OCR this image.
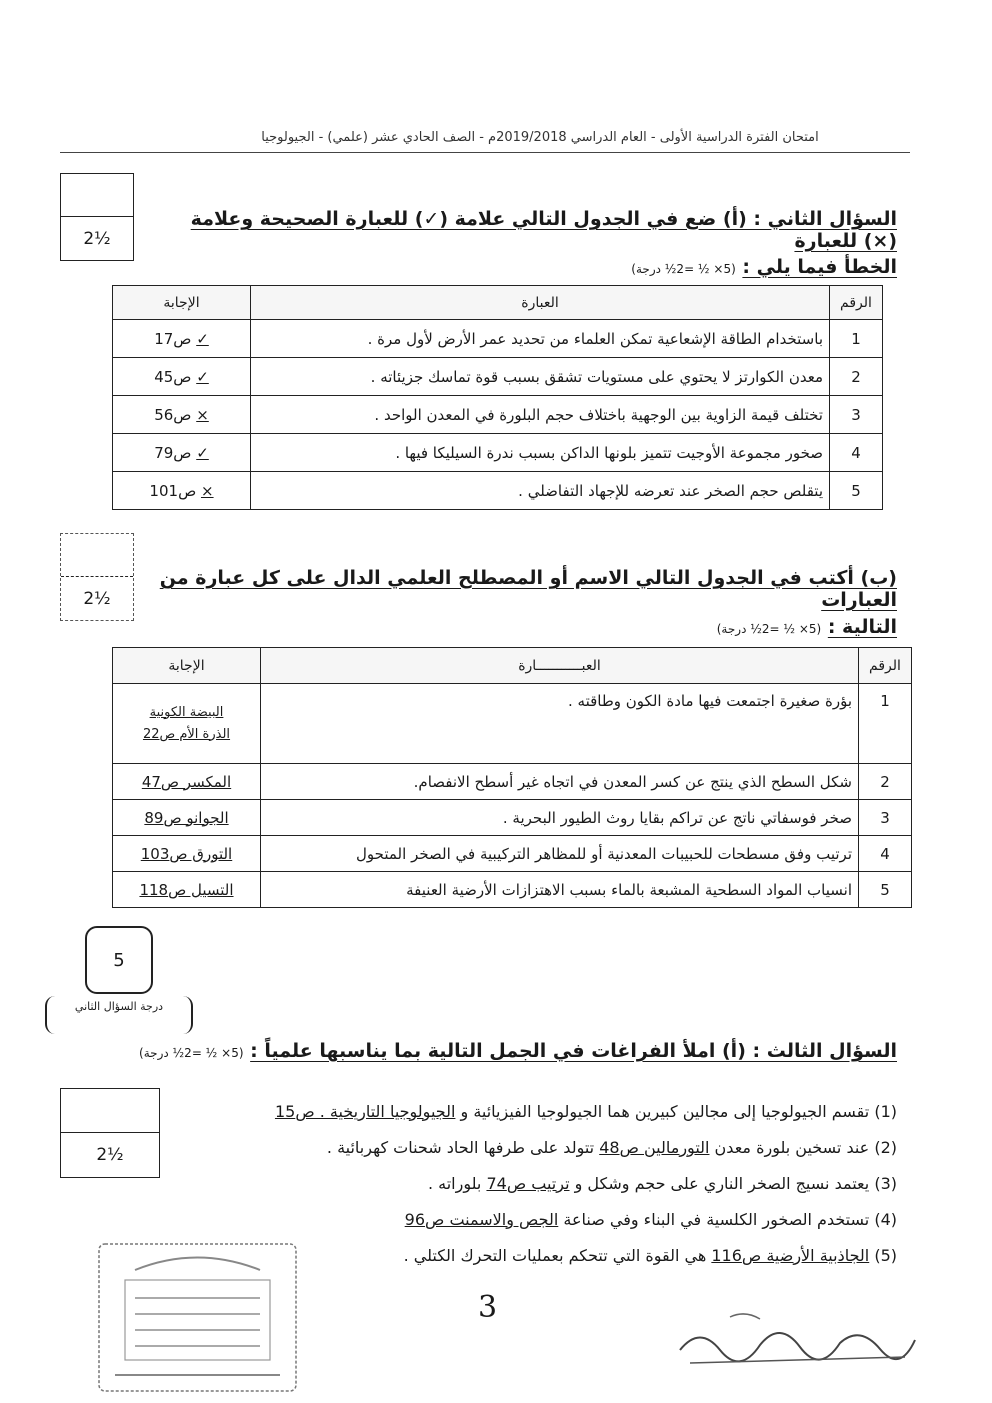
امتحان الفترة الدراسية الأولى - العام الدراسي 2019/2018م - الصف الحادي عشر (علمي) - الجيولوجيا
2½
السؤال الثاني : (أ) ضع في الجدول التالي علامة (✓) للعبارة الصحيحة وعلامة (×) للعبارة
الخطأ فيما يلي : (5× ½ =2½ درجة)
الرقم	العبارة	الإجابة
1	باستخدام الطاقة الإشعاعية تمكن العلماء من تحديد عمر الأرض لأول مرة .	✓ ص17
2	معدن الكوارتز لا يحتوي على مستويات تشقق بسبب قوة تماسك جزيئاته .	✓ ص45
3	تختلف قيمة الزاوية بين الوجهية باختلاف حجم البلورة في المعدن الواحد .	× ص56
4	صخور مجموعة الأوجيت تتميز بلونها الداكن بسبب ندرة السيليكا فيها .	✓ ص79
5	يتقلص حجم الصخر عند تعرضه للإجهاد التفاضلي .	× ص101
2½
(ب) أكتب في الجدول التالي الاسم أو المصطلح العلمي الدال على كل عبارة من العبارات
التالية : (5× ½ =2½ درجة)
الرقم	العبـــــــــــارة	الإجابة
1	بؤرة صغيرة اجتمعت فيها مادة الكون وطاقته .	البيضة الكونية
الذرة الأم ص22

2	شكل السطح الذي ينتج عن كسر المعدن في اتجاه غير أسطح الانفصام.	المكسر ص47
3	صخر فوسفاتي ناتج عن تراكم بقايا روث الطيور البحرية .	الجوانو ص89
4	ترتيب وفق مسطحات للحبيبات المعدنية أو للمظاهر التركيبية في الصخر المتحول	التورق ص103
5	انسياب المواد السطحية المشبعة بالماء بسبب الاهتزازات الأرضية العنيفة	التسيل ص118
5
درجة السؤال الثاني
السؤال الثالث : (أ) املأ الفراغات في الجمل التالية بما يناسبها علمياً : (5× ½ =2½ درجة)
2½
(1) تقسم الجيولوجيا إلى مجالين كبيرين هما الجيولوجيا الفيزيائية و الجيولوجيا التاريخية . ص15
(2) عند تسخين بلورة معدن التورمالين ص48 تتولد على طرفها الحاد شحنات كهربائية .
(3) يعتمد نسيج الصخر الناري على حجم وشكل و ترتيب ص74 بلوراته .
(4) تستخدم الصخور الكلسية في البناء وفي صناعة الجص والاسمنت ص96
(5) الجاذبية الأرضية ص116 هي القوة التي تتحكم بعمليات التحرك الكتلي .
3
